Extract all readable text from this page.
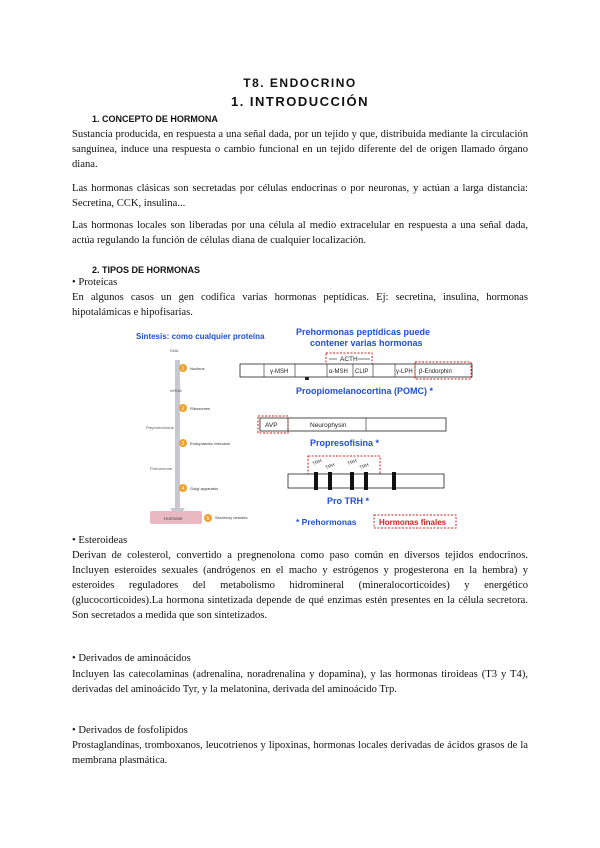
T8. ENDOCRINO
1. INTRODUCCIÓN
1. CONCEPTO DE HORMONA
Sustancia producida, en respuesta a una señal dada, por un tejido y que, distribuida mediante la circulación sanguínea, induce una respuesta o cambio funcional en un tejido diferente del de origen llamado órgano diana.
Las hormonas clásicas son secretadas por células endocrinas o por neuronas, y actúan a larga distancia: Secretina, CCK, insulina...
Las hormonas locales son liberadas por una célula al medio extracelular en respuesta a una señal dada, actúa regulando la función de células diana de cualquier localización.
2. TIPOS DE HORMONAS
• Proteicas
En algunos casos un gen codifica varias hormonas peptídicas. Ej: secretina, insulina, hormonas hipotalámicas e hipofisarias.
Síntesis: como cualquier proteína
DNA
1 Nucleus
mRNA
2 Ribosomes
Preprohormone
3 Endoplasmic reticulum
Prohormone
4 Golgi apparatus
Hormone	5 Secretory vesicles
Prehormonas peptídicas puede
contener varias hormonas
ACTH
γ-MSH	α-MSH CLIP	γ-LPH β-Endorphin
Proopiomelanocortina (POMC) *
AVP	Neurophysin
Propresofisina *
TRH
TRH
TRH
TRH
Pro TRH *
* Prehormonas	Hormonas finales
• Esteroideas
Derivan de colesterol, convertido a pregnenolona como paso común en diversos tejidos endocrinos. Incluyen esteroides sexuales (andrógenos en el macho y estrógenos y progesterona en la hembra) y esteroides reguladores del metabolismo hidromineral (mineralocorticoides) y energético (glucocorticoides).La hormona sintetizada depende de qué enzimas estén presentes en la célula secretora. Son secretados a medida que son sintetizados.
• Derivados de aminoácidos
Incluyen las catecolaminas (adrenalina, noradrenalina y dopamina), y las hormonas tiroideas (T3 y T4), derivadas del aminoácido Tyr, y la melatonina, derivada del aminoácido Trp.
• Derivados de fosfolípidos
Prostaglandinas, tromboxanos, leucotrienos y lipoxinas, hormonas locales derivadas de ácidos grasos de la membrana plasmática.
